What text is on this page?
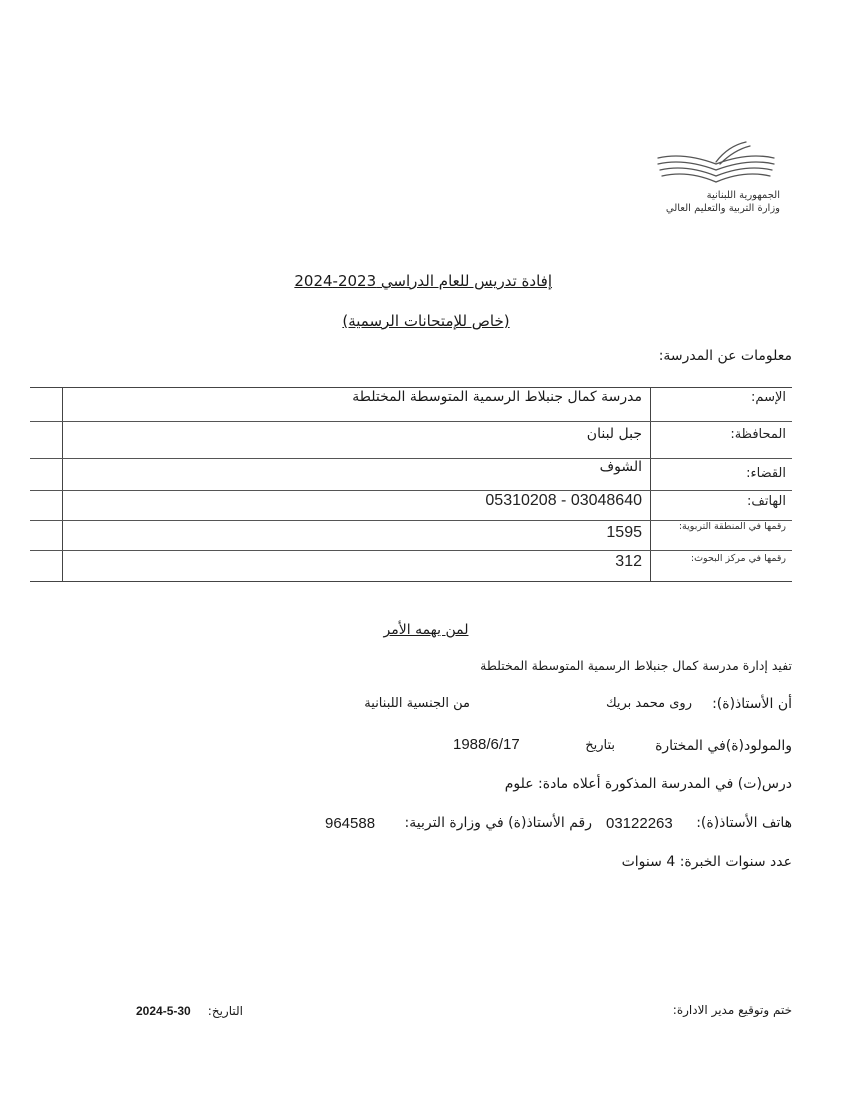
الجمهورية اللبنانية
وزارة التربية والتعليم العالي
إفادة تدريس للعام الدراسي 2023-2024
(خاص للإمتحانات الرسمية)
معلومات عن المدرسة:
الإسم:
مدرسة كمال جنبلاط الرسمية المتوسطة المختلطة
المحافظة:
جبل لبنان
القضاء:
الشوف
الهاتف:
05310208 - 03048640
رقمها في المنطقة التربوية:
1595
رقمها في مركز البحوث:
312
لمن يهمه الأمر
تفيد إدارة مدرسة كمال جنبلاط الرسمية المتوسطة المختلطة
أن الأستاذ(ة):
روى محمد بريك
من الجنسية اللبنانية
والمولود(ة)في المختارة
بتاريخ
1988/6/17
درس(ت) في المدرسة المذكورة أعلاه مادة: علوم
هاتف الأستاذ(ة):
03122263
رقم الأستاذ(ة) في وزارة التربية:
964588
عدد سنوات الخبرة: 4 سنوات
ختم وتوقيع مدير الادارة:
التاريخ:
2024-5-30
